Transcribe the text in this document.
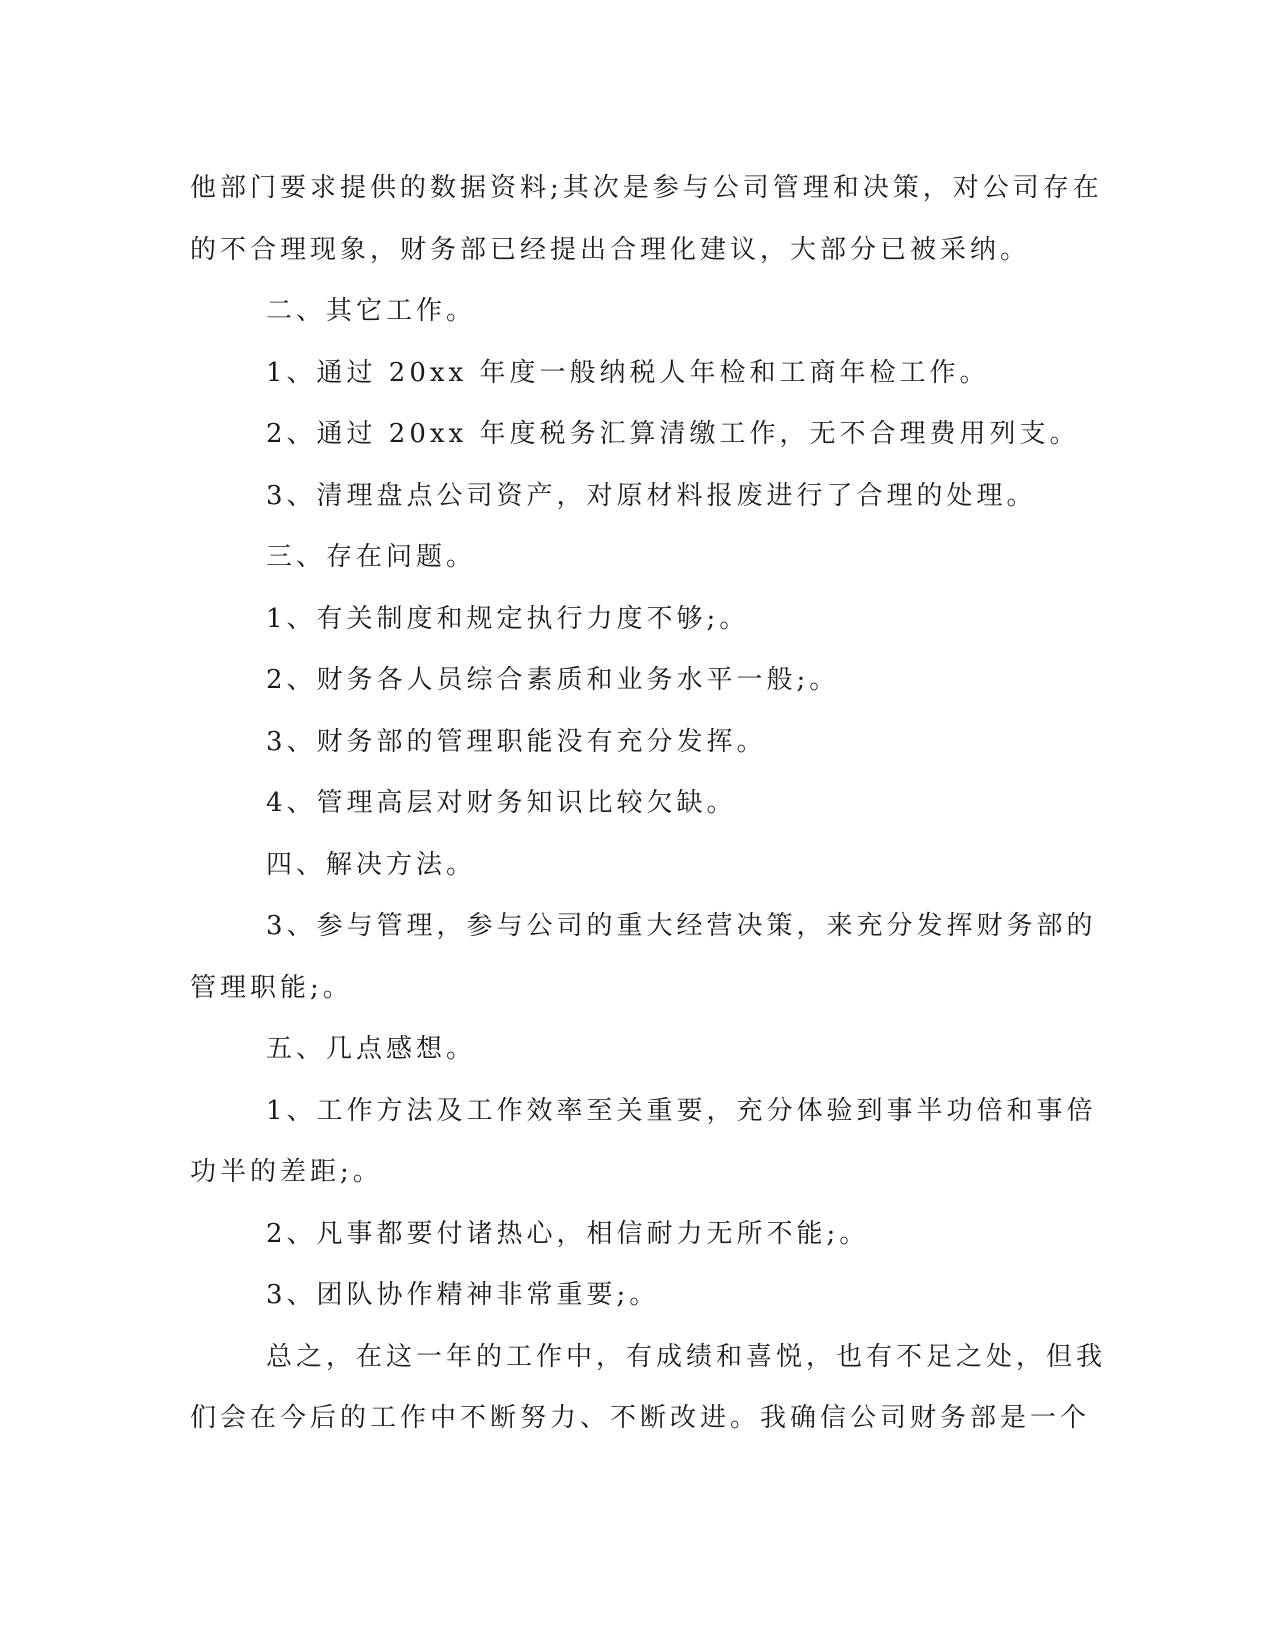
他部门要求提供的数据资料;其次是参与公司管理和决策，对公司存在
的不合理现象，财务部已经提出合理化建议，大部分已被采纳。
二、其它工作。
1、通过 20xx 年度一般纳税人年检和工商年检工作。
2、通过 20xx 年度税务汇算清缴工作，无不合理费用列支。
3、清理盘点公司资产，对原材料报废进行了合理的处理。
三、存在问题。
1、有关制度和规定执行力度不够;。
2、财务各人员综合素质和业务水平一般;。
3、财务部的管理职能没有充分发挥。
4、管理高层对财务知识比较欠缺。
四、解决方法。
3、参与管理，参与公司的重大经营决策，来充分发挥财务部的
管理职能;。
五、几点感想。
1、工作方法及工作效率至关重要，充分体验到事半功倍和事倍
功半的差距;。
2、凡事都要付诸热心，相信耐力无所不能;。
3、团队协作精神非常重要;。
总之，在这一年的工作中，有成绩和喜悦，也有不足之处，但我
们会在今后的工作中不断努力、不断改进。我确信公司财务部是一个
